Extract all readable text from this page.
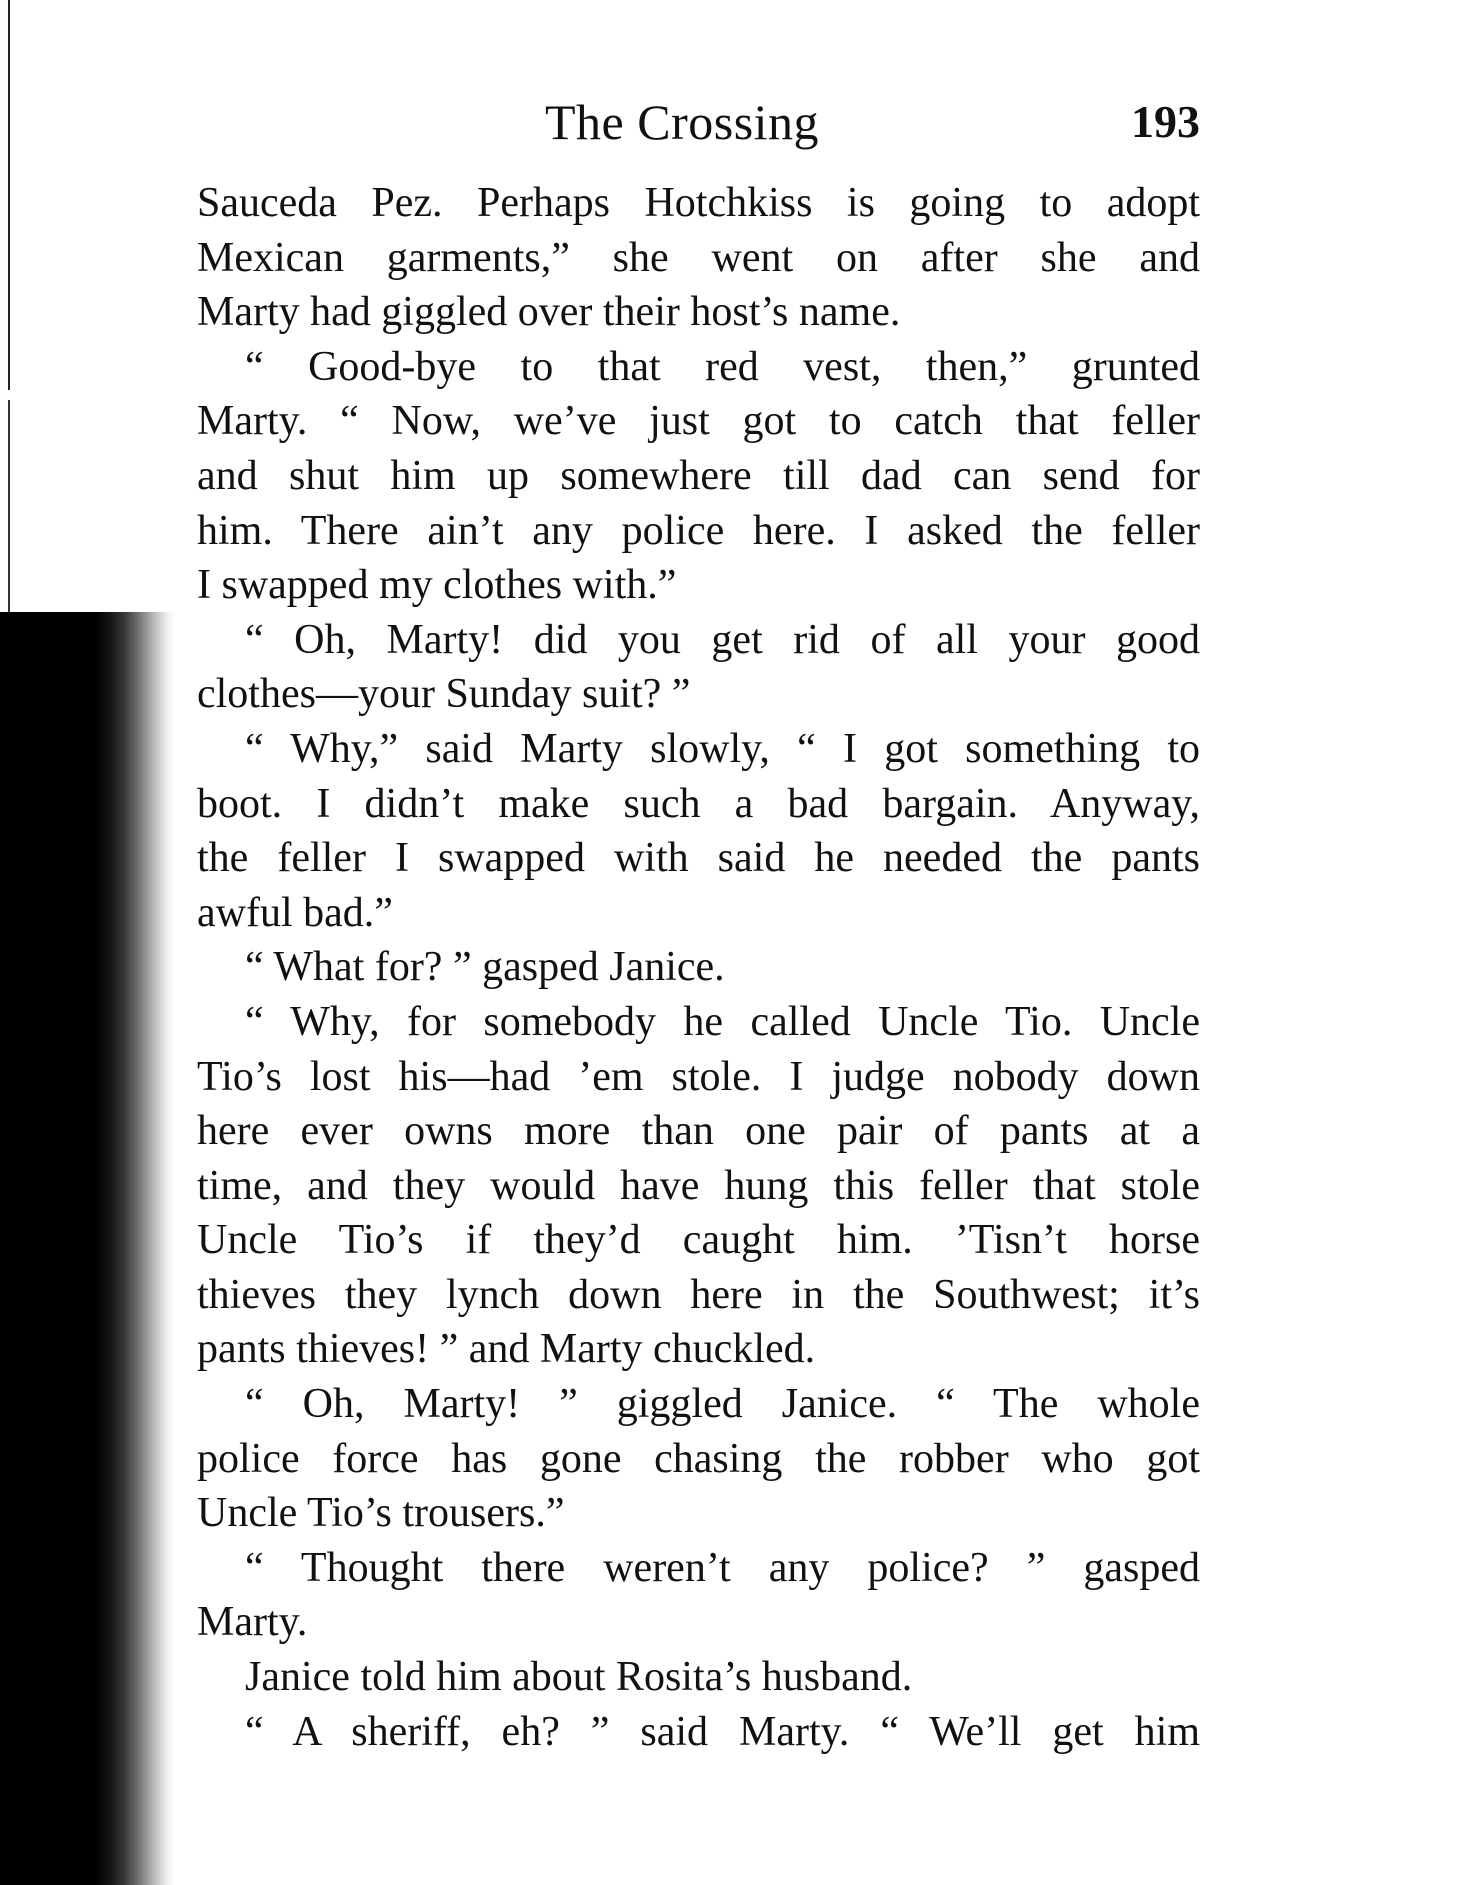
The Crossing	193
Sauceda Pez. Perhaps Hotchkiss is going to adopt
Mexican garments,” she went on after she and
Marty had giggled over their host’s name.
“ Good-bye to that red vest, then,” grunted
Marty. “ Now, we’ve just got to catch that feller
and shut him up somewhere till dad can send for
him. There ain’t any police here. I asked the feller
I swapped my clothes with.”
“ Oh, Marty! did you get rid of all your good
clothes—your Sunday suit? ”
“ Why,” said Marty slowly, “ I got something to
boot. I didn’t make such a bad bargain. Anyway,
the feller I swapped with said he needed the pants
awful bad.”
“ What for? ” gasped Janice.
“ Why, for somebody he called Uncle Tio. Uncle
Tio’s lost his—had ’em stole. I judge nobody down
here ever owns more than one pair of pants at a
time, and they would have hung this feller that stole
Uncle Tio’s if they’d caught him. ’Tisn’t horse
thieves they lynch down here in the Southwest; it’s
pants thieves! ” and Marty chuckled.
“ Oh, Marty! ” giggled Janice. “ The whole
police force has gone chasing the robber who got
Uncle Tio’s trousers.”
“ Thought there weren’t any police? ” gasped
Marty.
Janice told him about Rosita’s husband.
“ A sheriff, eh? ” said Marty. “ We’ll get him
